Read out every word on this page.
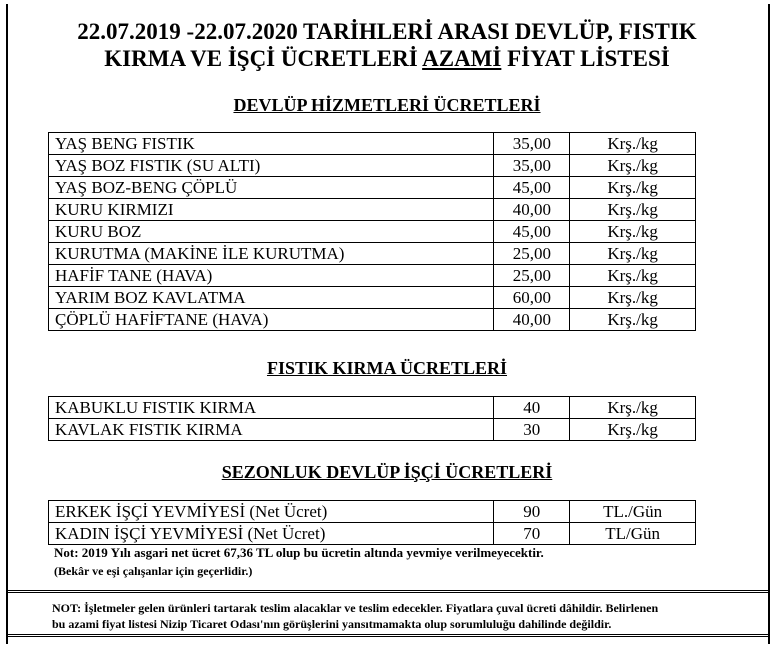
22.07.2019 -22.07.2020 TARİHLERİ ARASI DEVLÜP, FISTIK
KIRMA VE İŞÇİ ÜCRETLERİ AZAMİ FİYAT LİSTESİ
DEVLÜP HİZMETLERİ ÜCRETLERİ
YAŞ BENG FISTIK	35,00	Krş./kg
YAŞ BOZ FISTIK (SU ALTI)	35,00	Krş./kg
YAŞ BOZ-BENG ÇÖPLÜ	45,00	Krş./kg
KURU KIRMIZI	40,00	Krş./kg
KURU BOZ	45,00	Krş./kg
KURUTMA (MAKİNE İLE KURUTMA)	25,00	Krş./kg
HAFİF TANE (HAVA)	25,00	Krş./kg
YARIM BOZ KAVLATMA	60,00	Krş./kg
ÇÖPLÜ HAFİFTANE (HAVA)	40,00	Krş./kg
FISTIK KIRMA ÜCRETLERİ
KABUKLU FISTIK KIRMA	40	Krş./kg
KAVLAK FISTIK KIRMA	30	Krş./kg
SEZONLUK DEVLÜP İŞÇİ ÜCRETLERİ
ERKEK İŞÇİ YEVMİYESİ (Net Ücret)	90	TL./Gün
KADIN İŞÇİ YEVMİYESİ (Net Ücret)	70	TL/Gün
Not: 2019 Yılı asgari net ücret 67,36 TL olup bu ücretin altında yevmiye verilmeyecektir.
(Bekâr ve eşi çalışanlar için geçerlidir.)
NOT: İşletmeler gelen ürünleri tartarak teslim alacaklar ve teslim edecekler. Fiyatlara çuval ücreti dâhildir. Belirlenen
bu azami fiyat listesi Nizip Ticaret Odası'nın görüşlerini yansıtmamakta olup sorumluluğu dahilinde değildir.
